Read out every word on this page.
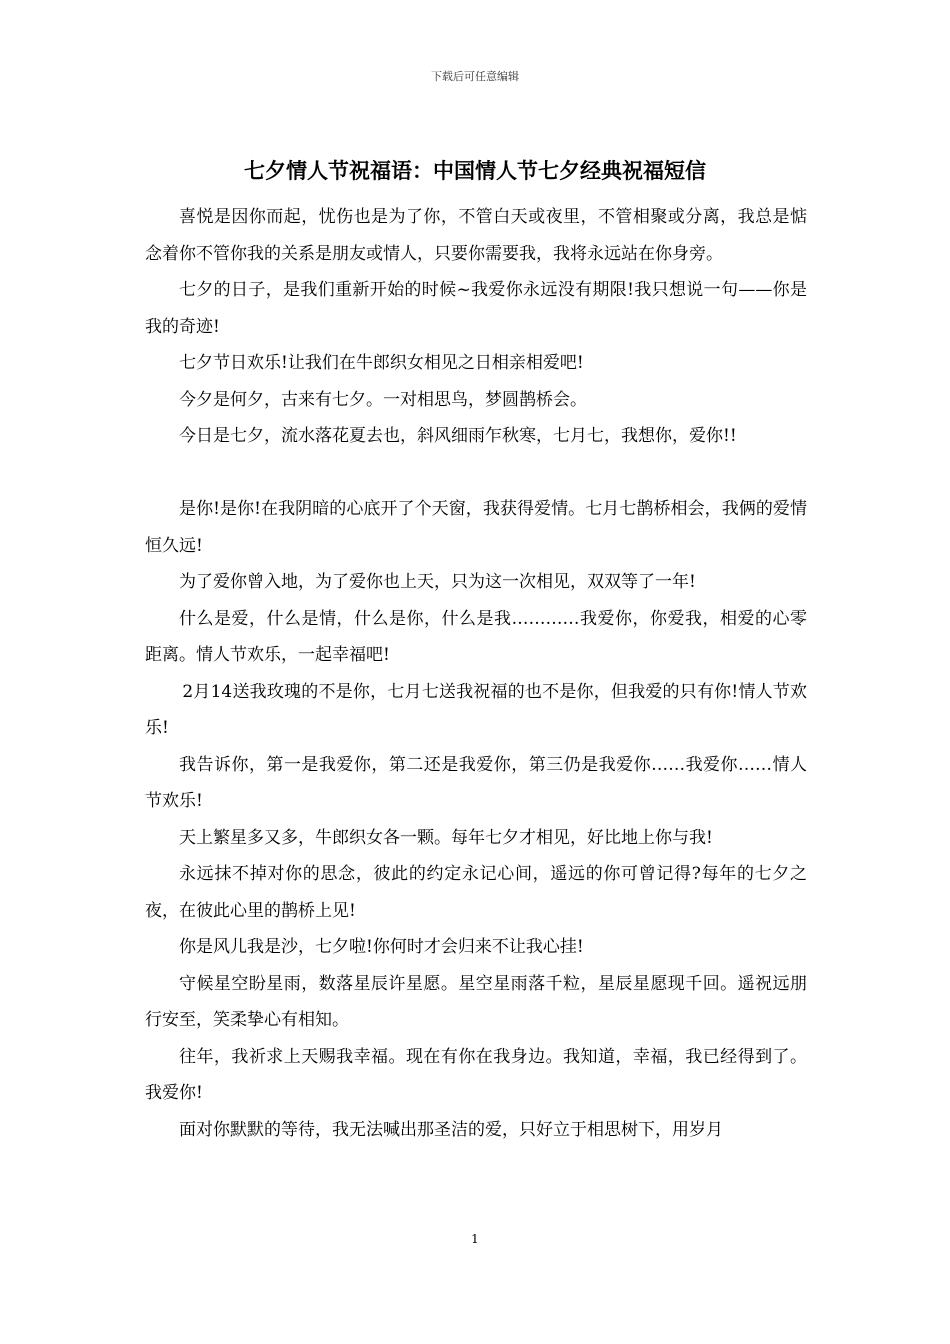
下载后可任意编辑
七夕情人节祝福语：中国情人节七夕经典祝福短信

喜悦是因你而起，忧伤也是为了你，不管白天或夜里，不管相聚或分离，我总是惦念着你不管你我的关系是朋友或情人，只要你需要我，我将永远站在你身旁。

七夕的日子，是我们重新开始的时候~我爱你永远没有期限!我只想说一句——你是我的奇迹!

七夕节日欢乐!让我们在牛郎织女相见之日相亲相爱吧!

今夕是何夕，古来有七夕。一对相思鸟，梦圆鹊桥会。

今日是七夕，流水落花夏去也，斜风细雨乍秋寒，七月七，我想你，爱你!!

是你!是你!在我阴暗的心底开了个天窗，我获得爱情。七月七鹊桥相会，我俩的爱情恒久远!

为了爱你曾入地，为了爱你也上天，只为这一次相见，双双等了一年!

什么是爱，什么是情，什么是你，什么是我…………我爱你，你爱我，相爱的心零距离。情人节欢乐，一起幸福吧!

2月14送我玫瑰的不是你，七月七送我祝福的也不是你，但我爱的只有你!情人节欢乐!

我告诉你，第一是我爱你，第二还是我爱你，第三仍是我爱你……我爱你……情人节欢乐!

天上繁星多又多，牛郎织女各一颗。每年七夕才相见，好比地上你与我!

永远抹不掉对你的思念，彼此的约定永记心间，遥远的你可曾记得?每年的七夕之夜，在彼此心里的鹊桥上见!

你是风儿我是沙，七夕啦!你何时才会归来不让我心挂!

守候星空盼星雨，数落星辰许星愿。星空星雨落千粒，星辰星愿现千回。遥祝远朋行安至，笑柔挚心有相知。

往年，我祈求上天赐我幸福。现在有你在我身边。我知道，幸福，我已经得到了。我爱你!

面对你默默的等待，我无法喊出那圣洁的爱，只好立于相思树下，用岁月

1
